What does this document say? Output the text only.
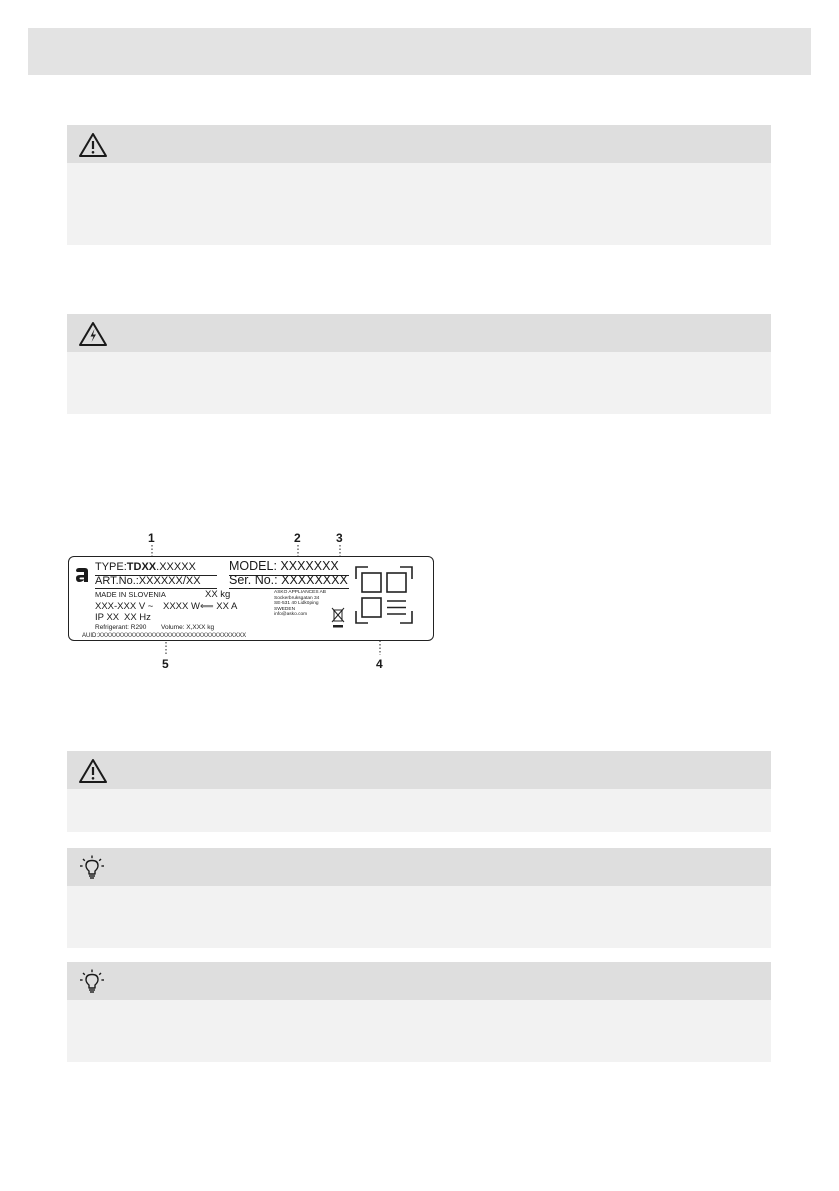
1	2	3
4
5
TYPE:TDXX.XXXXX	MODEL: XXXXXXX
ART.No.:XXXXXX/XX Ser. No.: XXXXXXXX
MADE IN SLOVENIA	XX kg
XXX-XXX V ~ XXXX W ⟸ XX A
IP XX XX Hz
Refrigerant: R290 Volume: X,XXX kg
AUID:XXXXXXXXXXXXXXXXXXXXXXXXXXXXXXXXXXXXX
ASKO APPLIANCES AB
Sockerbruksgatan 34
SE-531 40 Lidköping
SWEDEN
info@asko.com
